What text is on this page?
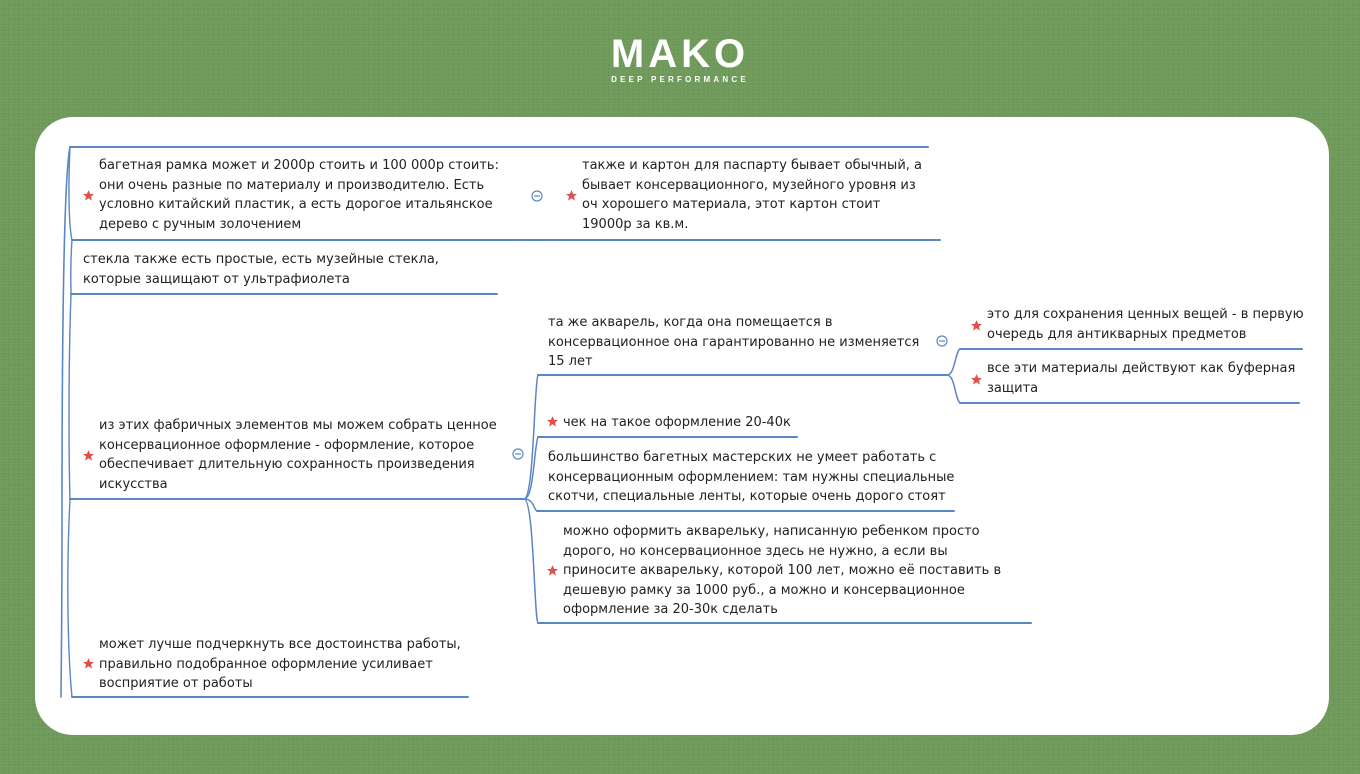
MAKO
DEEP PERFORMANCE
багетная рамка может и 2000р стоить и 100 000р стоить: они очень разные по материалу и производителю. Есть условно китайский пластик, а есть дорогое итальянское дерево с ручным золочением
также и картон для паспарту бывает обычный, а бывает консервационного, музейного уровня из оч хорошего материала, этот картон стоит 19000р за кв.м.
стекла также есть простые, есть музейные стекла, которые защищают от ультрафиолета
из этих фабричных элементов мы можем собрать ценное консервационное оформление - оформление, которое обеспечивает длительную сохранность произведения искусства
та же акварель, когда она помещается в консервационное она гарантированно не изменяется 15 лет
это для сохранения ценных вещей - в первую очередь для антикварных предметов
все эти материалы действуют как буферная защита
чек на такое оформление 20-40к
большинство багетных мастерских не умеет работать с консервационным оформлением: там нужны специальные скотчи, специальные ленты, которые очень дорого стоят
можно оформить акварельку, написанную ребенком просто дорого, но консервационное здесь не нужно, а если вы приносите акварельку, которой 100 лет, можно её поставить в дешевую рамку за 1000 руб., а можно и консервационное оформление за 20-30к сделать
может лучше подчеркнуть все достоинства работы, правильно подобранное оформление усиливает восприятие от работы
